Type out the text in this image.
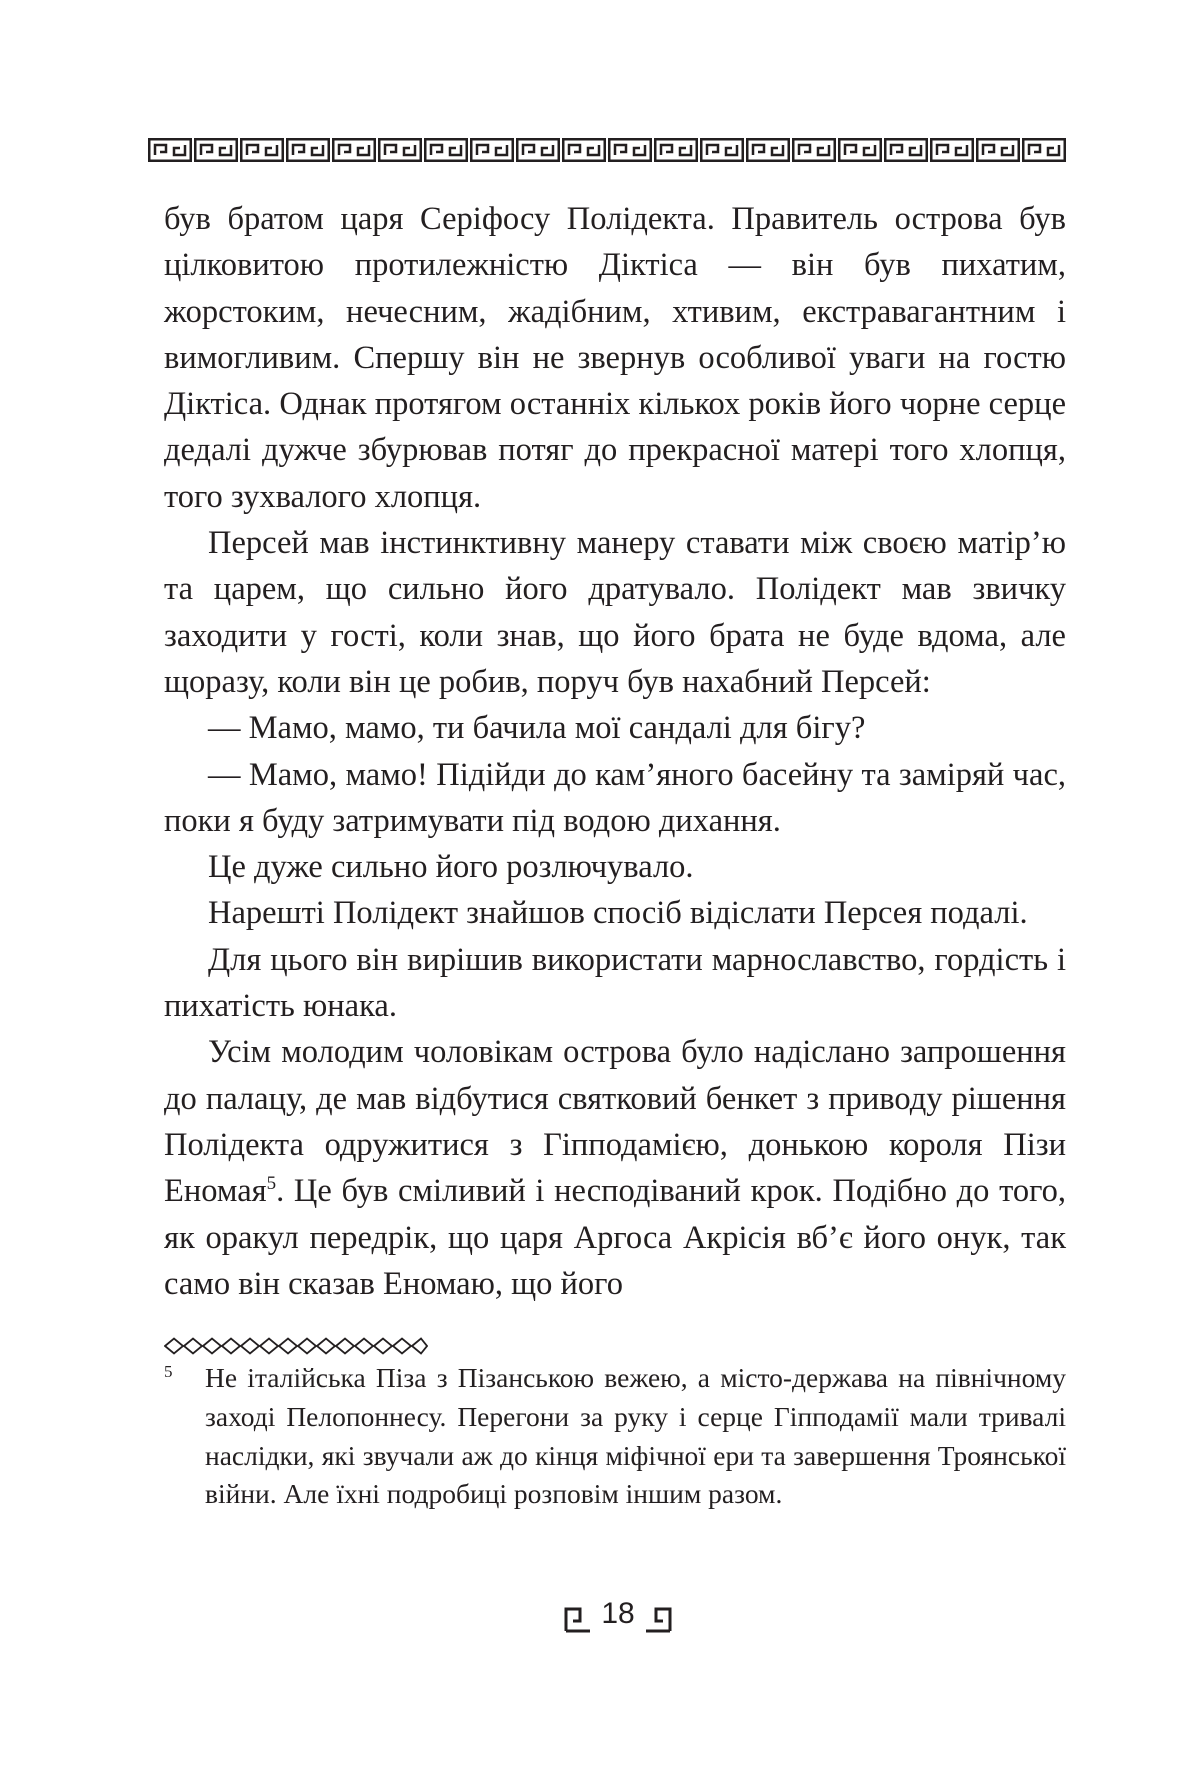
був братом царя Серіфосу Полідекта. Правитель острова був цілковитою протилежністю Діктіса — він був пихатим, жорстоким, нечесним, жадібним, хтивим, екстравагантним і вимогливим. Спершу він не звернув особливої уваги на гостю Діктіса. Однак протягом останніх кількох років його чорне серце дедалі дужче збурював потяг до прекрасної матері того хлопця, того зухвалого хлопця.

Персей мав інстинктивну манеру ставати між своєю матір’ю та царем, що сильно його дратувало. Полідект мав звичку заходити у гості, коли знав, що його брата не буде вдома, але щоразу, коли він це робив, поруч був нахабний Персей:

— Мамо, мамо, ти бачила мої сандалі для бігу?

— Мамо, мамо! Підійди до кам’яного басейну та заміряй час, поки я буду затримувати під водою дихання.

Це дуже сильно його розлючувало.

Нарешті Полідект знайшов спосіб відіслати Персея подалі.

Для цього він вирішив використати марнославство, гордість і пихатість юнака.

Усім молодим чоловікам острова було надіслано запрошення до палацу, де мав відбутися святковий бенкет з приводу рішення Полідекта одружитися з Гіпподамією, донькою короля Пізи Еномая$^5$. Це був сміливий і несподіваний крок. Подібно до того, як оракул передрік, що царя Аргоса Акрісія вб’є його онук, так само він сказав Еномаю, що його

5 Не італійська Піза з Пізанською вежею, а місто-держава на північному заході Пелопоннесу. Перегони за руку і серце Гіпподамії мали тривалі наслідки, які звучали аж до кінця міфічної ери та завершення Троянської війни. Але їхні подробиці розповім іншим разом.
18
